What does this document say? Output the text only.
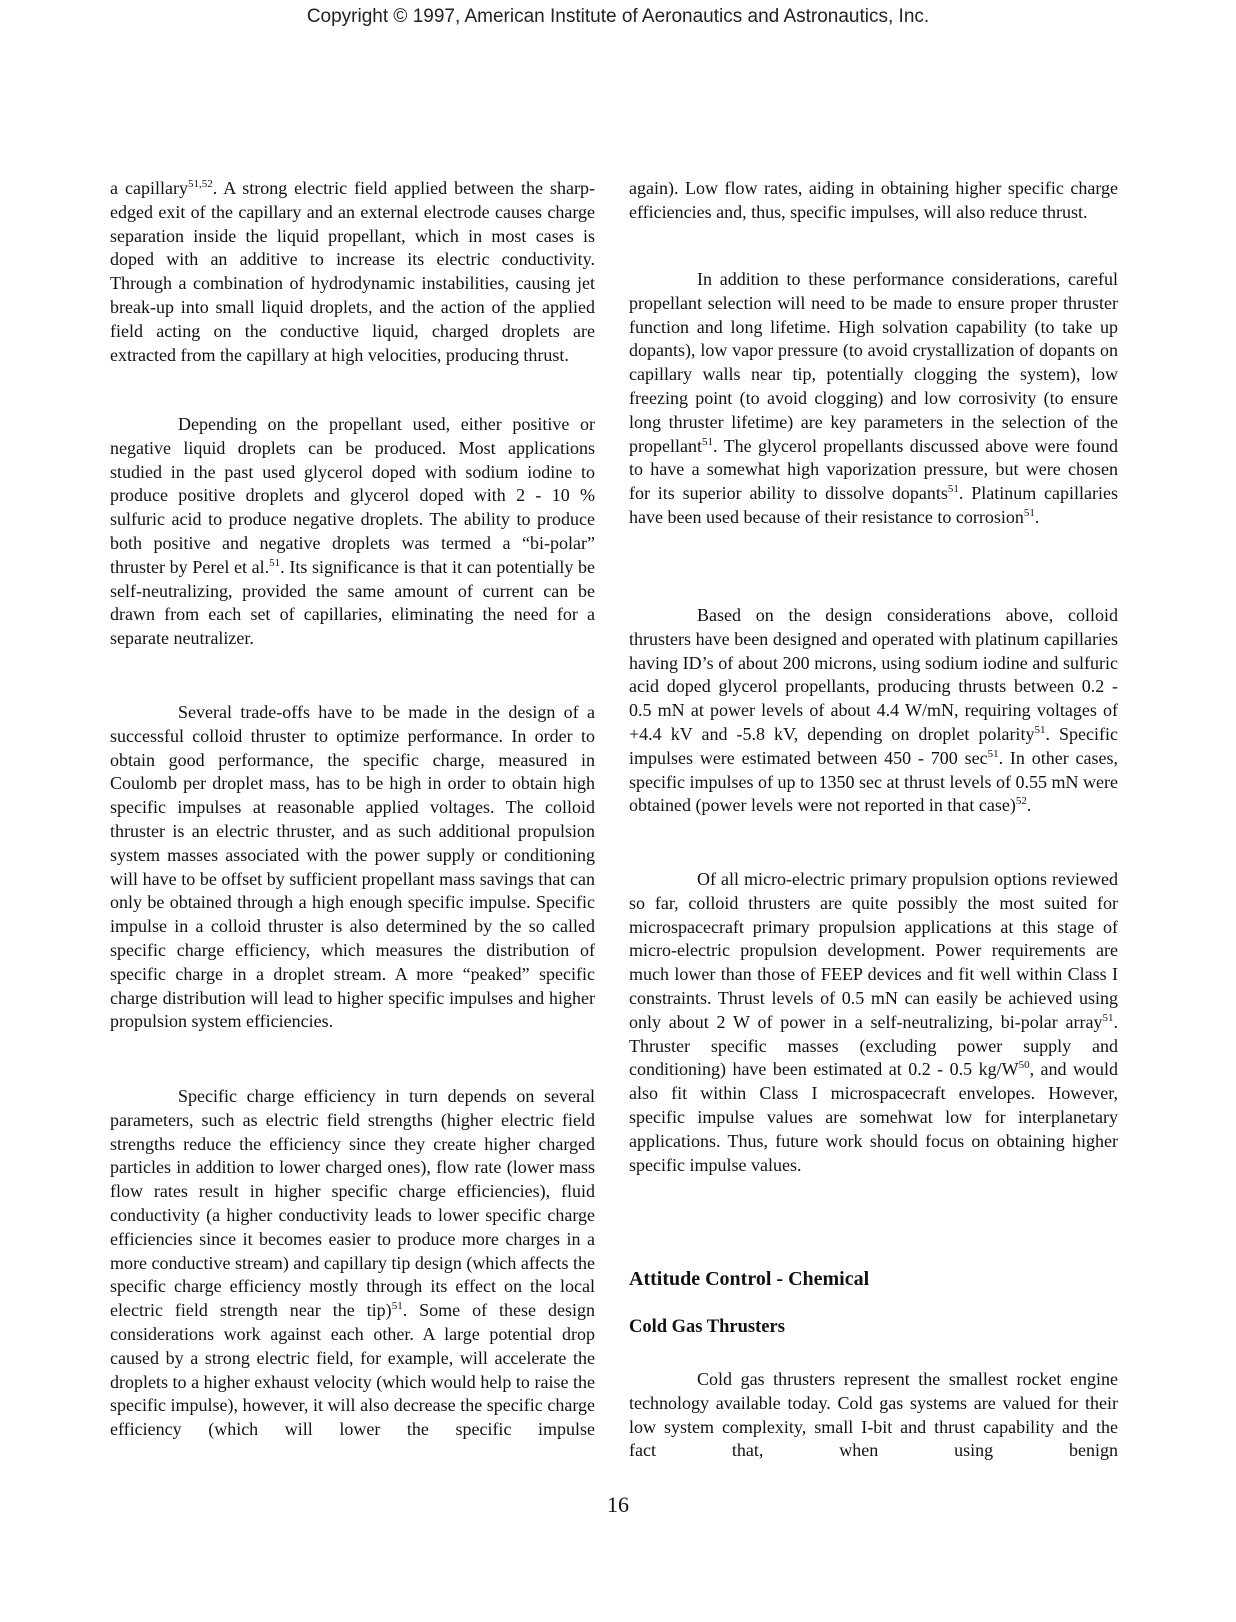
Copyright © 1997, American Institute of Aeronautics and Astronautics, Inc.

a capillary$^{51,52}$. A strong electric field applied between the sharp-edged exit of the capillary and an external electrode causes charge separation inside the liquid propellant, which in most cases is doped with an additive to increase its electric conductivity. Through a combination of hydrodynamic instabilities, causing jet break-up into small liquid droplets, and the action of the applied field acting on the conductive liquid, charged droplets are extracted from the capillary at high velocities, producing thrust.

Depending on the propellant used, either positive or negative liquid droplets can be produced. Most applications studied in the past used glycerol doped with sodium iodine to produce positive droplets and glycerol doped with 2 - 10 % sulfuric acid to produce negative droplets. The ability to produce both positive and negative droplets was termed a “bi-polar” thruster by Perel et al.$^{51}$. Its significance is that it can potentially be self-neutralizing, provided the same amount of current can be drawn from each set of capillaries, eliminating the need for a separate neutralizer.

Several trade-offs have to be made in the design of a successful colloid thruster to optimize performance. In order to obtain good performance, the specific charge, measured in Coulomb per droplet mass, has to be high in order to obtain high specific impulses at reasonable applied voltages. The colloid thruster is an electric thruster, and as such additional propulsion system masses associated with the power supply or conditioning will have to be offset by sufficient propellant mass savings that can only be obtained through a high enough specific impulse. Specific impulse in a colloid thruster is also determined by the so called specific charge efficiency, which measures the distribution of specific charge in a droplet stream. A more “peaked” specific charge distribution will lead to higher specific impulses and higher propulsion system efficiencies.

Specific charge efficiency in turn depends on several parameters, such as electric field strengths (higher electric field strengths reduce the efficiency since they create higher charged particles in addition to lower charged ones), flow rate (lower mass flow rates result in higher specific charge efficiencies), fluid conductivity (a higher conductivity leads to lower specific charge efficiencies since it becomes easier to produce more charges in a more conductive stream) and capillary tip design (which affects the specific charge efficiency mostly through its effect on the local electric field strength near the tip)$^{51}$. Some of these design considerations work against each other. A large potential drop caused by a strong electric field, for example, will accelerate the droplets to a higher exhaust velocity (which would help to raise the specific impulse), however, it will also decrease the specific charge efficiency (which will lower the specific impulse

again). Low flow rates, aiding in obtaining higher specific charge efficiencies and, thus, specific impulses, will also reduce thrust.

In addition to these performance considerations, careful propellant selection will need to be made to ensure proper thruster function and long lifetime. High solvation capability (to take up dopants), low vapor pressure (to avoid crystallization of dopants on capillary walls near tip, potentially clogging the system), low freezing point (to avoid clogging) and low corrosivity (to ensure long thruster lifetime) are key parameters in the selection of the propellant$^{51}$. The glycerol propellants discussed above were found to have a somewhat high vaporization pressure, but were chosen for its superior ability to dissolve dopants$^{51}$. Platinum capillaries have been used because of their resistance to corrosion$^{51}$.

Based on the design considerations above, colloid thrusters have been designed and operated with platinum capillaries having ID’s of about 200 microns, using sodium iodine and sulfuric acid doped glycerol propellants, producing thrusts between 0.2 - 0.5 mN at power levels of about 4.4 W/mN, requiring voltages of +4.4 kV and -5.8 kV, depending on droplet polarity$^{51}$. Specific impulses were estimated between 450 - 700 $\sec^{51}$. In other cases, specific impulses of up to 1350 sec at thrust levels of 0.55 mN were obtained (power levels were not reported in that case)$^{52}$.

Of all micro-electric primary propulsion options reviewed so far, colloid thrusters are quite possibly the most suited for microspacecraft primary propulsion applications at this stage of micro-electric propulsion development. Power requirements are much lower than those of FEEP devices and fit well within Class I constraints. Thrust levels of 0.5 mN can easily be achieved using only about 2 W of power in a self-neutralizing, bi-polar array$^{51}$. Thruster specific masses (excluding power supply and conditioning) have been estimated at 0.2 - 0.5 $kg/W^{50}$, and would also fit within Class I microspacecraft envelopes. However, specific impulse values are somehwat low for interplanetary applications. Thus, future work should focus on obtaining higher specific impulse values.

Attitude Control - Chemical
Cold Gas Thrusters

Cold gas thrusters represent the smallest rocket engine technology available today. Cold gas systems are valued for their low system complexity, small I-bit and thrust capability and the fact that, when using benign

16
